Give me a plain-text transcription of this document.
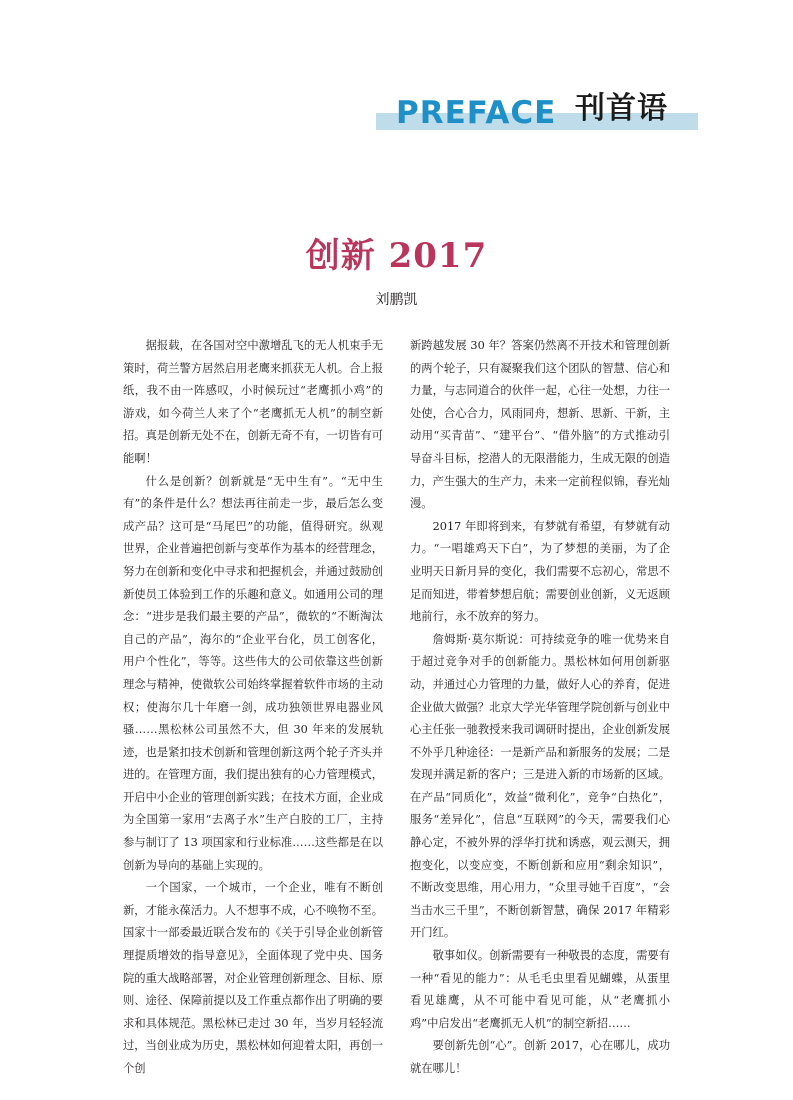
PREFACE 刊首语
创新 2017
刘鹏凯

据报载，在各国对空中激增乱飞的无人机束手无策时，荷兰警方居然启用老鹰来抓获无人机。合上报纸，我不由一阵感叹，小时候玩过“老鹰抓小鸡”的游戏，如今荷兰人来了个“老鹰抓无人机”的制空新招。真是创新无处不在，创新无奇不有，一切皆有可能啊！

什么是创新？创新就是“无中生有”。“无中生有”的条件是什么？想法再往前走一步，最后怎么变成产品？这可是“马尾巴”的功能，值得研究。纵观世界，企业普遍把创新与变革作为基本的经营理念，努力在创新和变化中寻求和把握机会，并通过鼓励创新使员工体验到工作的乐趣和意义。如通用公司的理念：“进步是我们最主要的产品”，微软的“不断淘汰自己的产品”，海尔的“企业平台化，员工创客化，用户个性化”，等等。这些伟大的公司依靠这些创新理念与精神，使微软公司始终掌握着软件市场的主动权；使海尔几十年磨一剑，成功独领世界电器业风骚……黑松林公司虽然不大，但 30 年来的发展轨迹，也是紧扣技术创新和管理创新这两个轮子齐头并进的。在管理方面，我们提出独有的心力管理模式，开启中小企业的管理创新实践；在技术方面，企业成为全国第一家用“去离子水”生产白胶的工厂，主持参与制订了 13 项国家和行业标准……这些都是在以创新为导向的基础上实现的。

一个国家，一个城市，一个企业，唯有不断创新，才能永葆活力。人不想事不成，心不唤物不至。国家十一部委最近联合发布的《关于引导企业创新管理提质增效的指导意见》，全面体现了党中央、国务院的重大战略部署，对企业管理创新理念、目标、原则、途径、保障前提以及工作重点都作出了明确的要求和具体规范。黑松林已走过 30 年，当岁月轻轻流过，当创业成为历史，黑松林如何迎着太阳，再创一个创

新跨越发展 30 年？答案仍然离不开技术和管理创新的两个轮子，只有凝聚我们这个团队的智慧、信心和力量，与志同道合的伙伴一起，心往一处想，力往一处使，合心合力，风雨同舟，想新、思新、干新，主动用“买青苗”、“建平台”、“借外脑”的方式推动引导奋斗目标，挖潜人的无限潜能力，生成无限的创造力，产生强大的生产力，未来一定前程似锦，春光灿漫。

2017 年即将到来，有梦就有希望，有梦就有动力。“一唱雄鸡天下白”，为了梦想的美丽，为了企业明天日新月异的变化，我们需要不忘初心，常思不足而知进，带着梦想启航；需要创业创新，义无返顾地前行，永不放弃的努力。

詹姆斯·莫尔斯说：可持续竞争的唯一优势来自于超过竞争对手的创新能力。黑松林如何用创新驱动，并通过心力管理的力量，做好人心的养育，促进企业做大做强？北京大学光华管理学院创新与创业中心主任张一驰教授来我司调研时提出，企业创新发展不外乎几种途径：一是新产品和新服务的发展；二是发现并满足新的客户；三是进入新的市场新的区域。在产品“同质化”，效益“微利化”，竞争“白热化”，服务“差异化”，信息“互联网”的今天，需要我们心静心定，不被外界的浮华打扰和诱惑，观云测天，拥抱变化，以变应变，不断创新和应用“剩余知识”，不断改变思维，用心用力，“众里寻她千百度”，“会当击水三千里”，不断创新智慧，确保 2017 年精彩开门红。

敬事如仪。创新需要有一种敬畏的态度，需要有一种“看见的能力”：从毛毛虫里看见蝴蝶，从蛋里看见雄鹰，从不可能中看见可能，从“老鹰抓小鸡”中启发出“老鹰抓无人机”的制空新招……

要创新先创“心”。创新 2017，心在哪儿，成功就在哪儿！
